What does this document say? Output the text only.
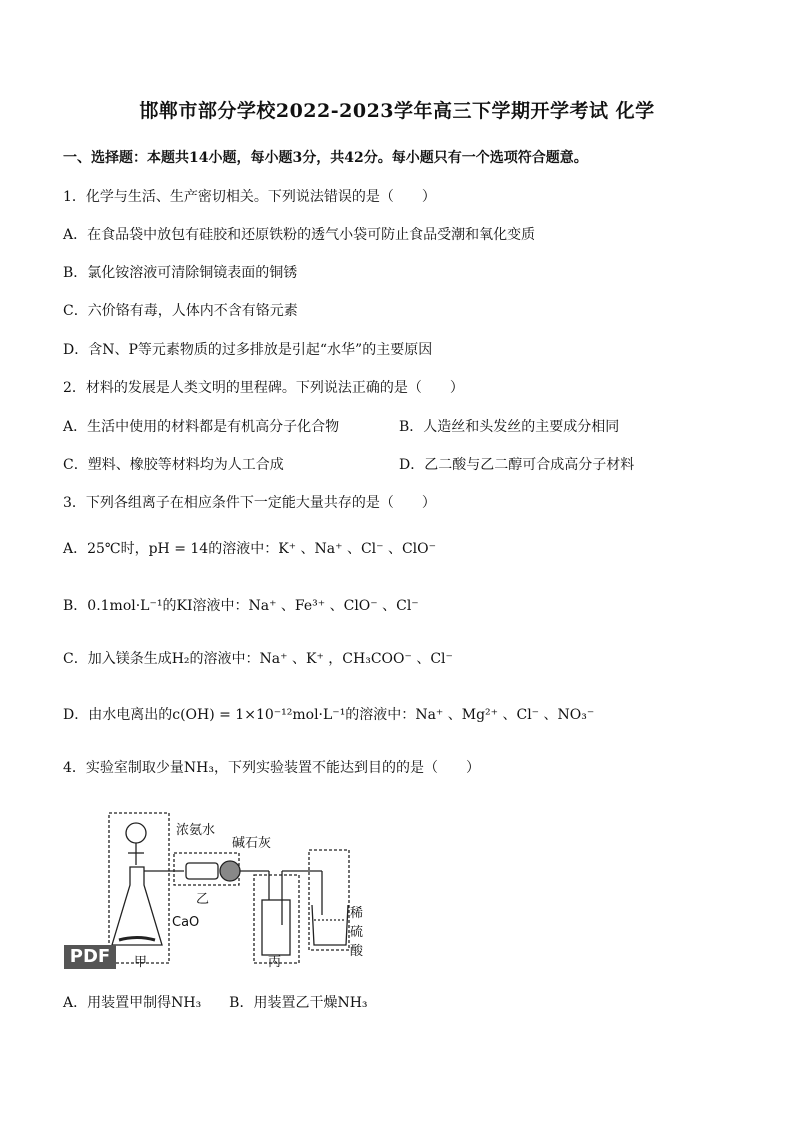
邯郸市部分学校2022-2023学年高三下学期开学考试 化学
一、选择题：本题共14小题，每小题3分，共42分。每小题只有一个选项符合题意。
1．化学与生活、生产密切相关。下列说法错误的是（　　）
A．在食品袋中放包有硅胶和还原铁粉的透气小袋可防止食品受潮和氧化变质
B．氯化铵溶液可清除铜镜表面的铜锈
C．六价铬有毒，人体内不含有铬元素
D．含N、P等元素物质的过多排放是引起“水华”的主要原因
2．材料的发展是人类文明的里程碑。下列说法正确的是（　　）
A．生活中使用的材料都是有机高分子化合物	B．人造丝和头发丝的主要成分相同
C．塑料、橡胶等材料均为人工合成	D．乙二酸与乙二醇可合成高分子材料
3．下列各组离子在相应条件下一定能大量共存的是（　　）
A．25℃时，pH = 14的溶液中：K⁺ 、Na⁺ 、Cl⁻ 、ClO⁻
B．0.1mol·L⁻¹的KI溶液中：Na⁺ 、Fe³⁺ 、ClO⁻ 、Cl⁻
C．加入镁条生成H₂的溶液中：Na⁺ 、K⁺ ，CH₃COO⁻ 、Cl⁻
D．由水电离出的c(OH) = 1×10⁻¹²mol·L⁻¹的溶液中：Na⁺ 、Mg²⁺ 、Cl⁻ 、NO₃⁻
4．实验室制取少量NH₃，下列实验装置不能达到目的的是（　　）
浓氨水
碱石灰
乙
CaO
甲	丙
稀硫酸
PDF
A．用装置甲制得NH₃　　B．用装置乙干燥NH₃
